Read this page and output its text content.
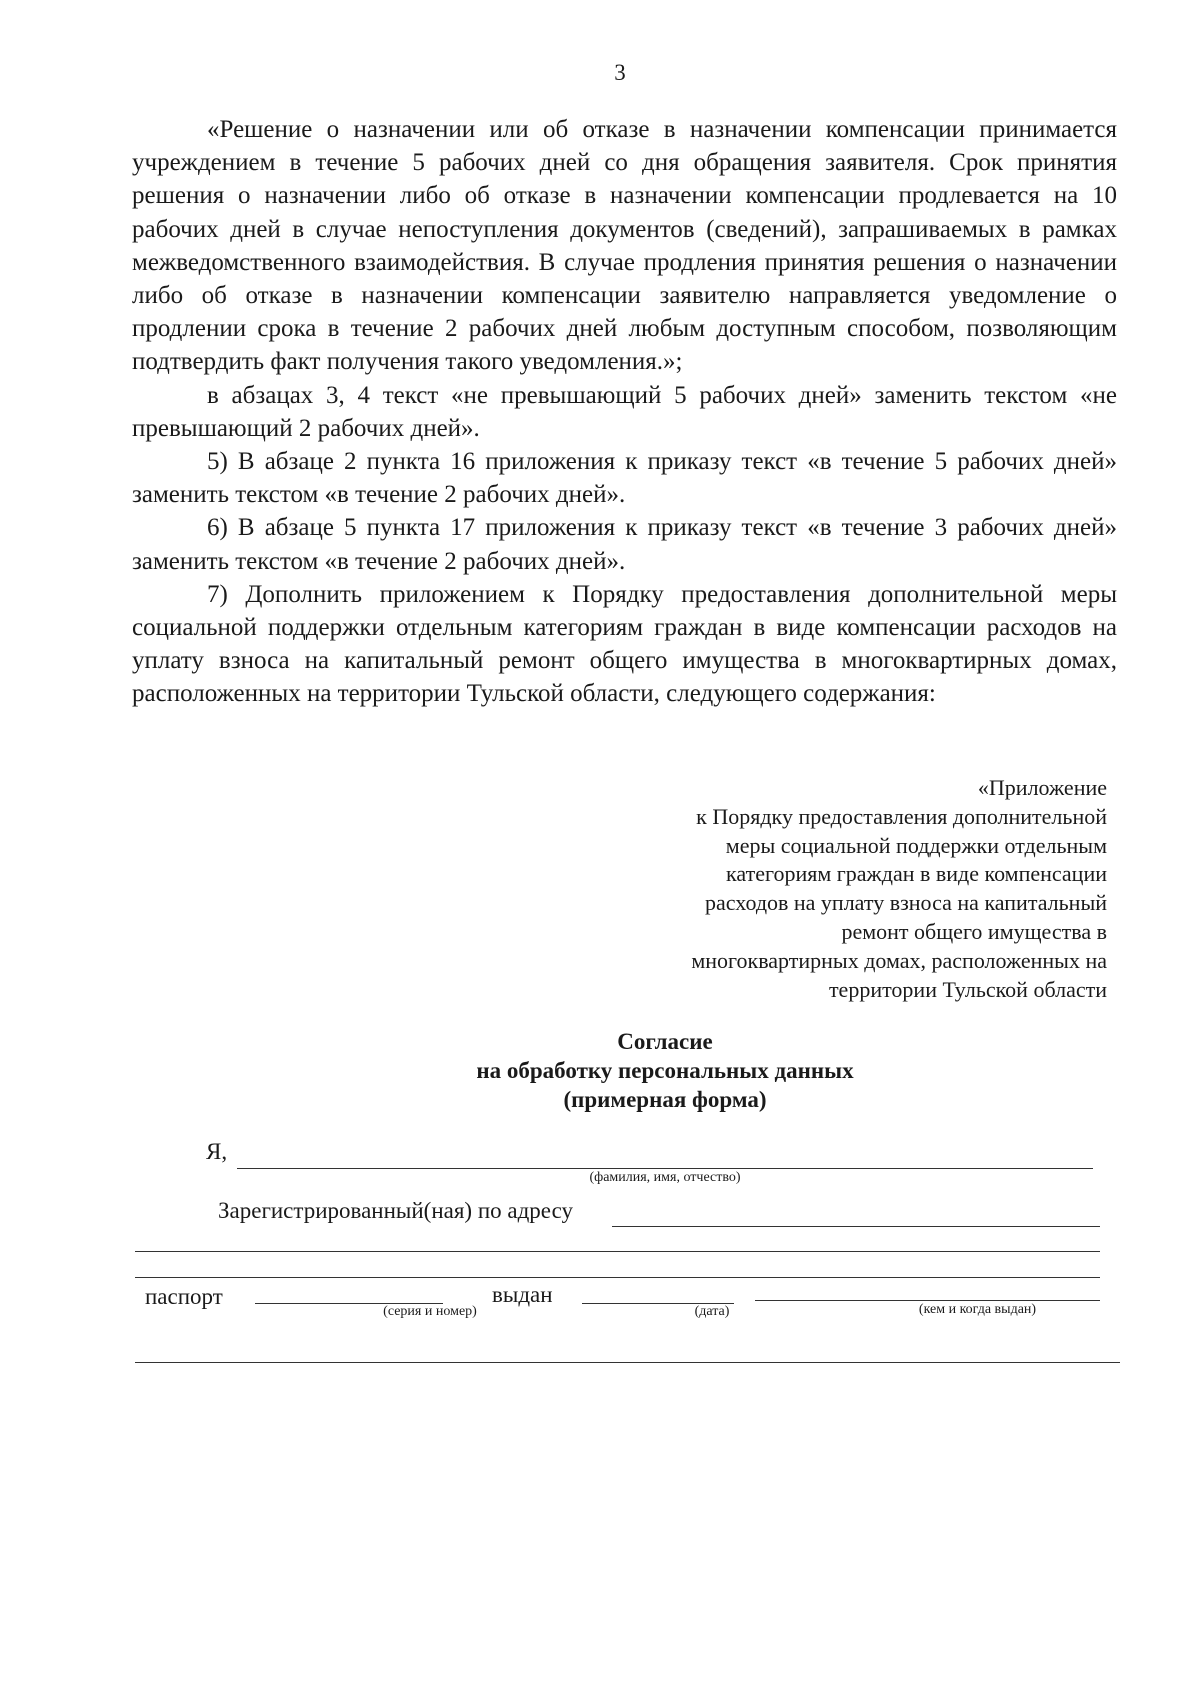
3

«Решение о назначении или об отказе в назначении компенсации принимается учреждением в течение 5 рабочих дней со дня обращения заявителя. Срок принятия решения о назначении либо об отказе в назначении компенсации продлевается на 10 рабочих дней в случае непоступления документов (сведений), запрашиваемых в рамках межведомственного взаимодействия. В случае продления принятия решения о назначении либо об отказе в назначении компенсации заявителю направляется уведомление о продлении срока в течение 2 рабочих дней любым доступным способом, позволяющим подтвердить факт получения такого уведомления.»;

в абзацах 3, 4 текст «не превышающий 5 рабочих дней» заменить текстом «не превышающий 2 рабочих дней».

5) В абзаце 2 пункта 16 приложения к приказу текст «в течение 5 рабочих дней» заменить текстом «в течение 2 рабочих дней».

6) В абзаце 5 пункта 17 приложения к приказу текст «в течение 3 рабочих дней» заменить текстом «в течение 2 рабочих дней».

7) Дополнить приложением к Порядку предоставления дополнительной меры социальной поддержки отдельным категориям граждан в виде компенсации расходов на уплату взноса на капитальный ремонт общего имущества в многоквартирных домах, расположенных на территории Тульской области, следующего содержания:

«Приложение
к Порядку предоставления дополнительной
меры социальной поддержки отдельным
категориям граждан в виде компенсации
расходов на уплату взноса на капитальный
ремонт общего имущества в
многоквартирных домах, расположенных на
территории Тульской области
Согласие
на обработку персональных данных
(примерная форма)
Я,
(фамилия, имя, отчество)
Зарегистрированный(ная) по адресу
паспорт
(серия и номер)
выдан
(дата)	(кем и когда выдан)
